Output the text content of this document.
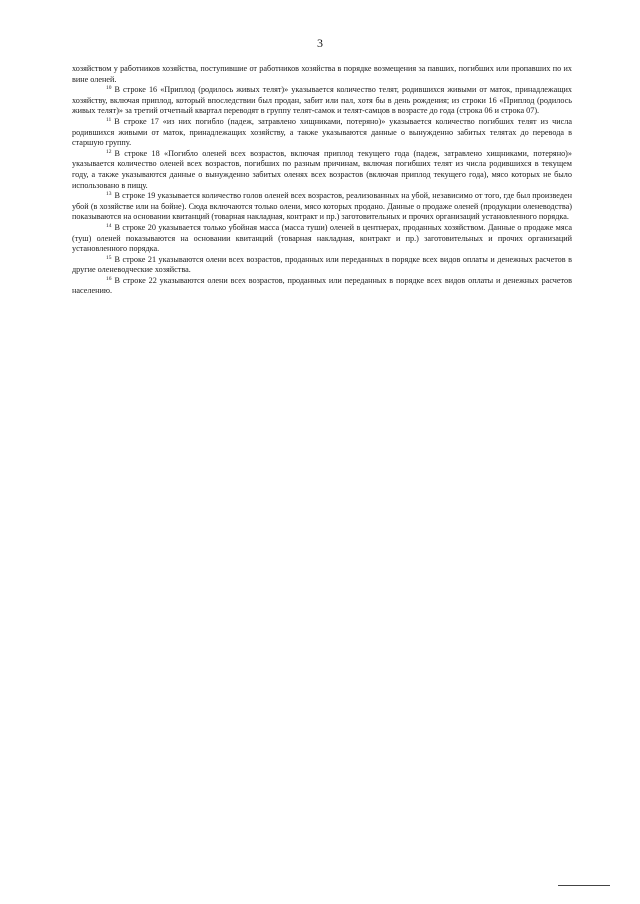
3

хозяйством у работников хозяйства, поступившие от работников хозяйства в порядке возмещения за павших, погибших или пропавших по их вине оленей.

$^{10}$ В строке 16 «Приплод (родилось живых телят)» указывается количество телят, родившихся живыми от маток, принадлежащих хозяйству, включая приплод, который впоследствии был продан, забит или пал, хотя бы в день рождения; из строки 16 «Приплод (родилось живых телят)» за третий отчетный квартал переводят в группу телят-самок и телят-самцов в возрасте до года (строка 06 и строка 07).

$^{11}$ В строке 17 «из них погибло (падеж, затравлено хищниками, потеряно)» указывается количество погибших телят из числа родившихся живыми от маток, принадлежащих хозяйству, а также указываются данные о вынужденно забитых телятах до перевода в старшую группу.

$^{12}$ В строке 18 «Погибло оленей всех возрастов, включая приплод текущего года (падеж, затравлено хищниками, потеряно)» указывается количество оленей всех возрастов, погибших по разным причинам, включая погибших телят из числа родившихся в текущем году, а также указываются данные о вынужденно забитых оленях всех возрастов (включая приплод текущего года), мясо которых не было использовано в пищу.

$^{13}$ В строке 19 указывается количество голов оленей всех возрастов, реализованных на убой, независимо от того, где был произведен убой (в хозяйстве или на бойне). Сюда включаются только олени, мясо которых продано. Данные о продаже оленей (продукции оленеводства) показываются на основании квитанций (товарная накладная, контракт и пр.) заготовительных и прочих организаций установленного порядка.

$^{14}$ В строке 20 указывается только убойная масса (масса туши) оленей в центнерах, проданных хозяйством. Данные о продаже мяса (туш) оленей показываются на основании квитанций (товарная накладная, контракт и пр.) заготовительных и прочих организаций установленного порядка.

$^{15}$ В строке 21 указываются олени всех возрастов, проданных или переданных в порядке всех видов оплаты и денежных расчетов в другие оленеводческие хозяйства.

$^{16}$ В строке 22 указываются олени всех возрастов, проданных или переданных в порядке всех видов оплаты и денежных расчетов населению.
